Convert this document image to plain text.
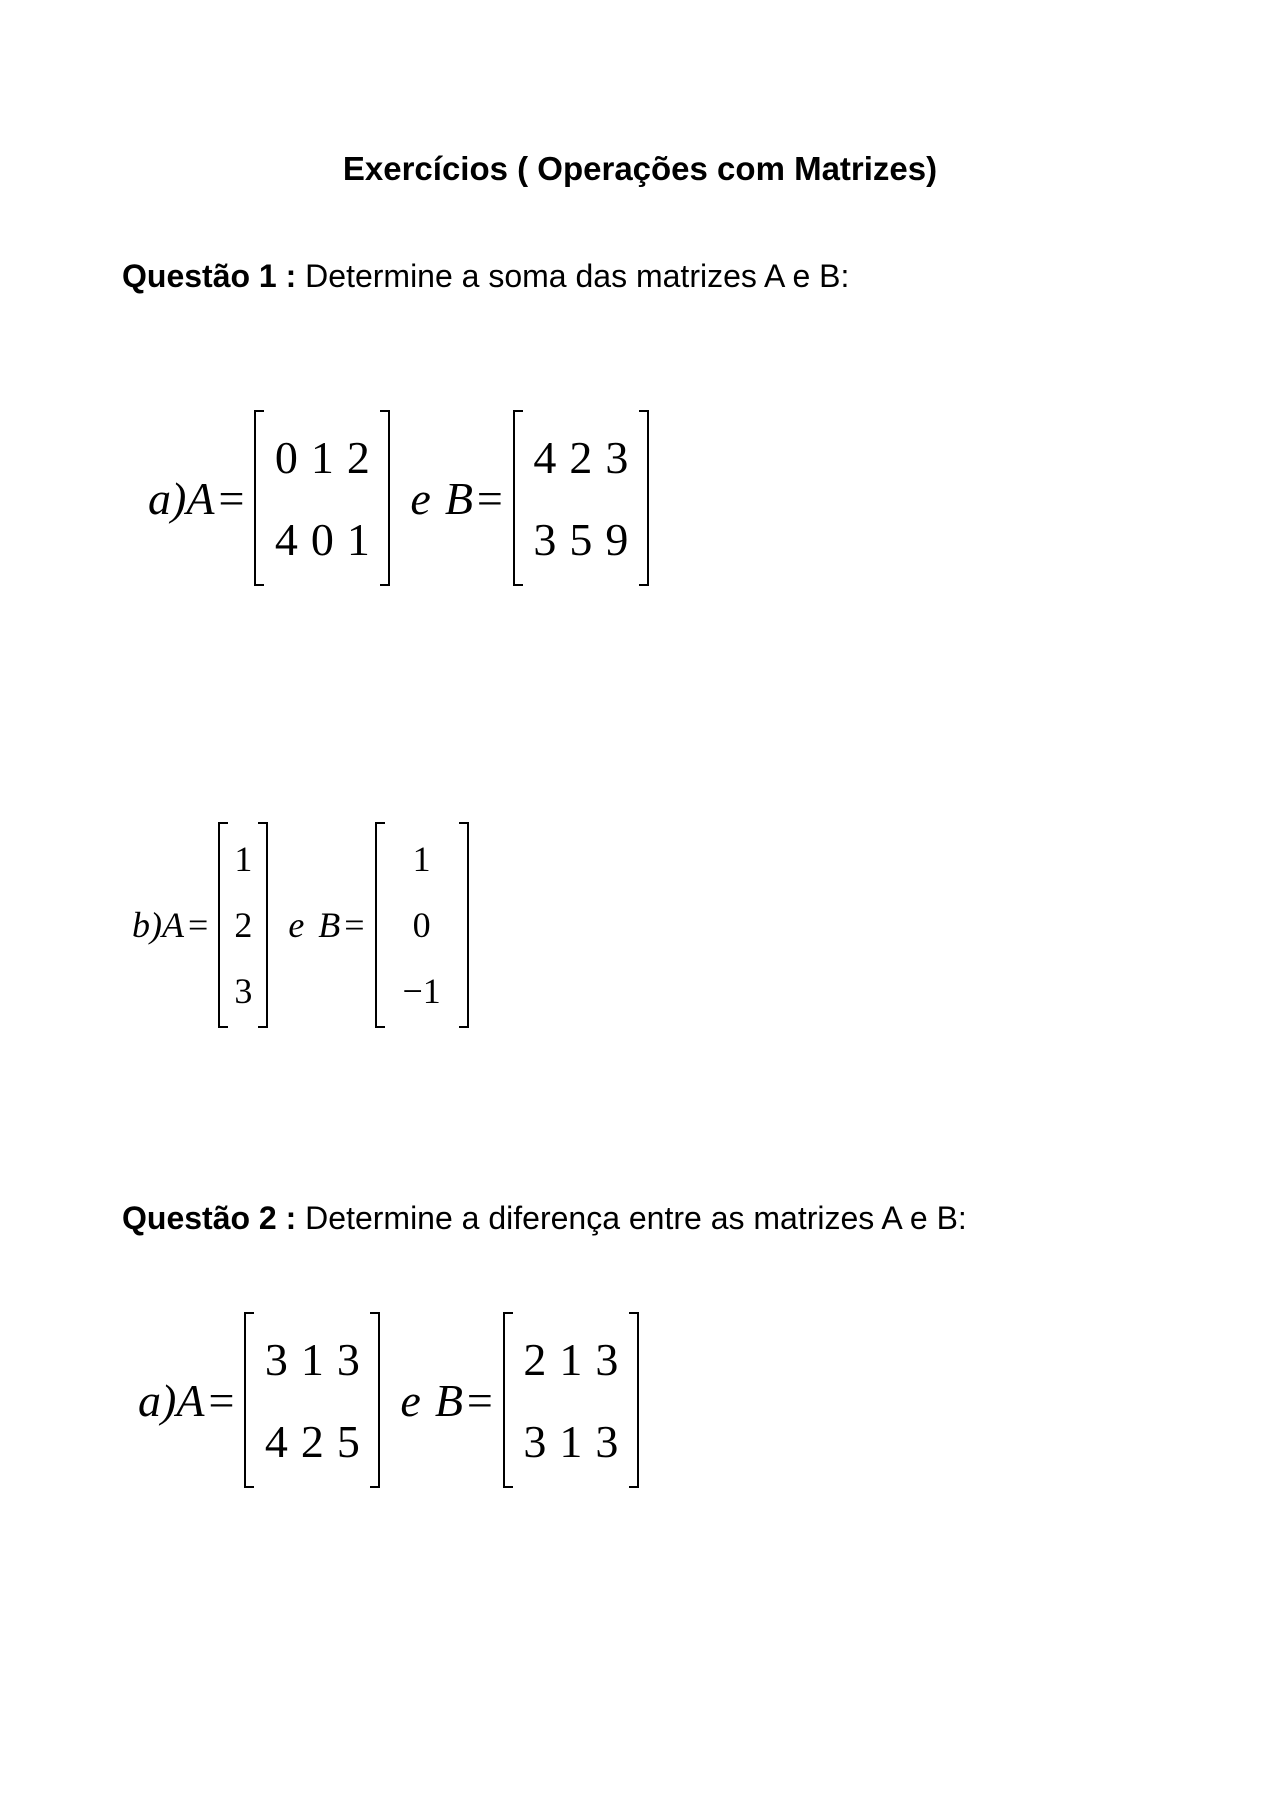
Exercícios ( Operações com Matrizes)
Questão 1 : Determine a soma das matrizes A e B:
a) A =
0 1 2
4 0 1
e B =
4 2 3
3 5 9
b) A =
1
2
3
e B =
1
0
−1
Questão 2 : Determine a diferença entre as matrizes A e B:
a) A =
3 1 3
4 2 5
e B =
2 1 3
3 1 3
